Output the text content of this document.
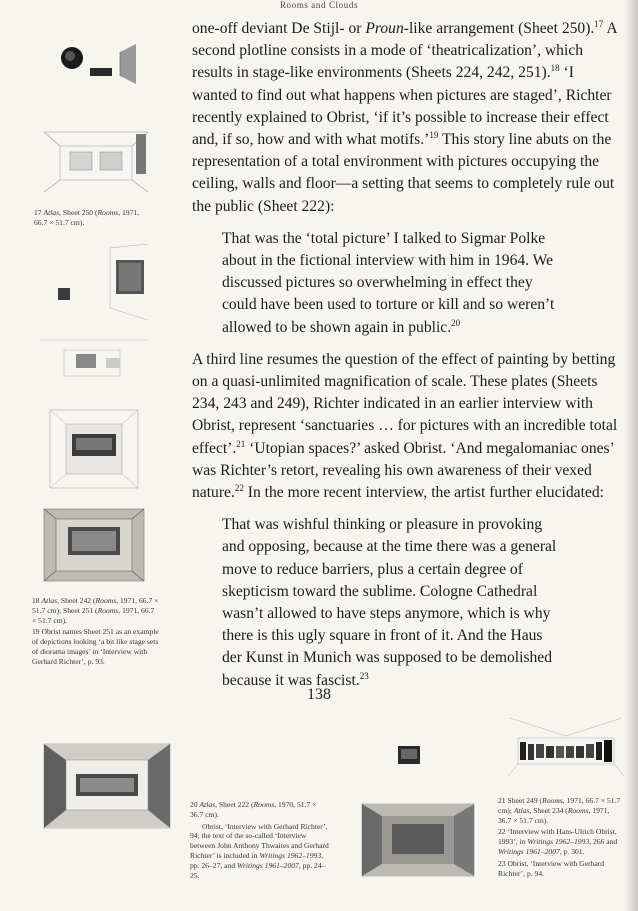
Rooms and Clouds

17 Atlas, Sheet 250 (Rooms, 1971, 66.7 × 51.7 cm).

18 Atlas, Sheet 242 (Rooms, 1971, 66.7 × 51.7 cm); Sheet 251 (Rooms, 1971, 66.7 × 51.7 cm).

19 Obrist names Sheet 251 as an example of depictions looking ‘a bit like stage sets of diorama images’ in ‘Interview with Gerhard Richter’, p. 93.

one-off deviant De Stijl- or Proun-like arrangement (Sheet 250).$^{17}$ A second plotline consists in a mode of ‘theatricalization’, which results in stage-like environments (Sheets 224, 242, 251).$^{18}$ ‘I wanted to find out what happens when pictures are staged’, Richter recently explained to Obrist, ‘if it’s possible to increase their effect and, if so, how and with what motifs.’$^{19}$ This story line abuts on the representation of a total environment with pictures occupying the ceiling, walls and floor—a setting that seems to completely rule out the public (Sheet 222):

That was the ‘total picture’ I talked to Sigmar Polke about in the fictional interview with him in 1964. We discussed pictures so overwhelming in effect they could have been used to torture or kill and so weren’t allowed to be shown again in public.$^{20}$

A third line resumes the question of the effect of painting by betting on a quasi-unlimited magnification of scale. These plates (Sheets 234, 243 and 249), Richter indicated in an earlier interview with Obrist, represent ‘sanctuaries … for pictures with an incredible total effect’.$^{21}$ ‘Utopian spaces?’ asked Obrist. ‘And megalomaniac ones’ was Richter’s retort, revealing his own awareness of their vexed nature.$^{22}$ In the more recent interview, the artist further elucidated:

That was wishful thinking or pleasure in provoking and opposing, because at the time there was a general move to reduce barriers, plus a certain degree of skepticism toward the sublime. Cologne Cathedral wasn’t allowed to have steps anymore, which is why there is this ugly square in front of it. And the Haus der Kunst in Munich was supposed to be demolished because it was fascist.$^{23}$

138

20 Atlas, Sheet 222 (Rooms, 1970, 51.7 × 36.7 cm).

Obrist, ‘Interview with Gerhard Richter’, 94; the text of the so-called ‘Interview between John Anthony Thwaites and Gerhard Richter’ is included in Writings 1962–1993, pp. 26–27, and Writings 1961–2007, pp. 24–25.

21 Sheet 249 (Rooms, 1971, 66.7 × 51.7 cm); Atlas, Sheet 234 (Rooms, 1971, 36.7 × 51.7 cm).

22 ‘Interview with Hans-Ulrich Obrist, 1993’, in Writings 1962–1993, 266 and Writings 1961–2007, p. 301.

23 Obrist, ‘Interview with Gerhard Richter’, p. 94.
